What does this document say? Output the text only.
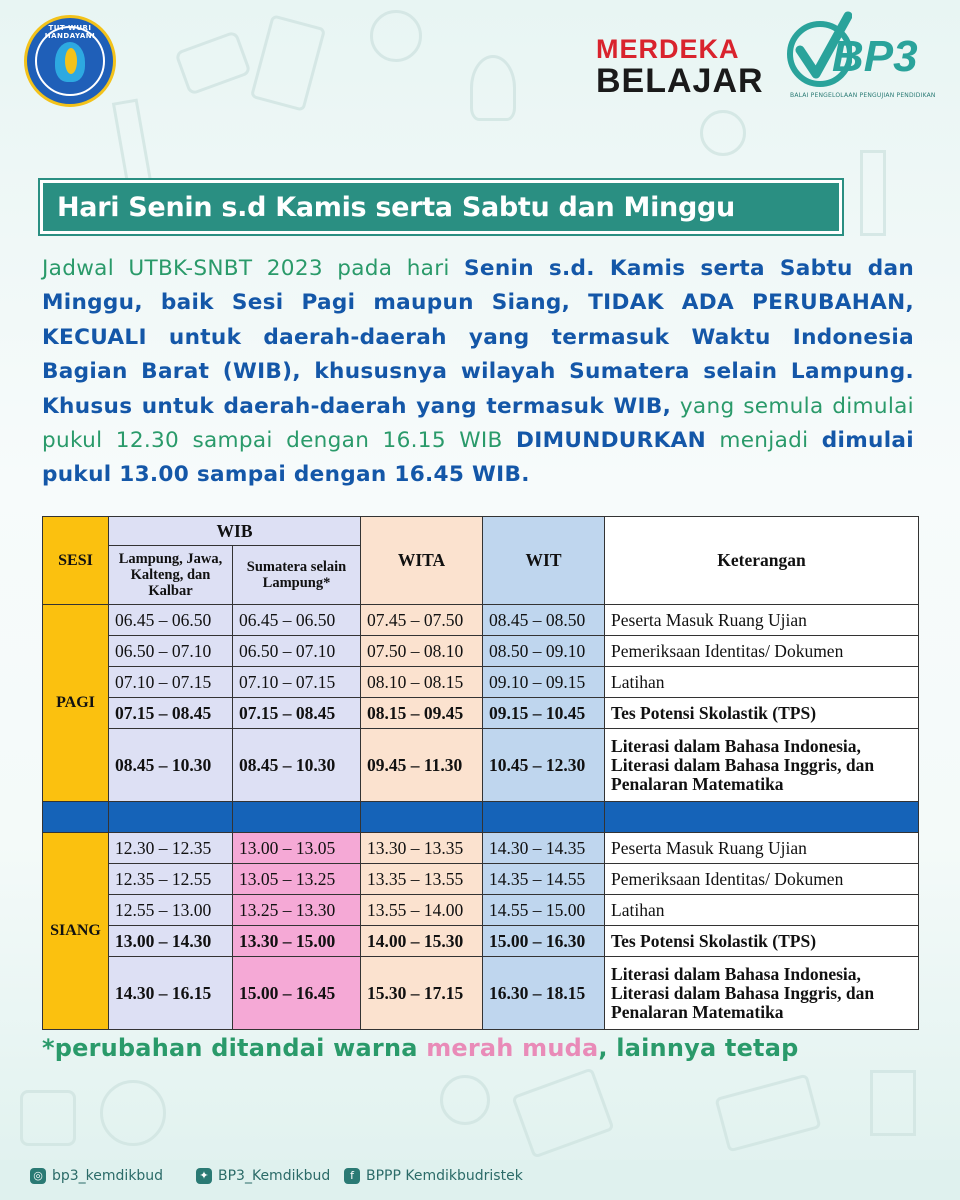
TUT WURI HANDAYANI	MERDEKA
BELAJAR BP3
BALAI PENGELOLAAN PENGUJIAN PENDIDIKAN
Hari Senin s.d Kamis serta Sabtu dan Minggu
Jadwal UTBK-SNBT 2023 pada hari Senin s.d. Kamis serta Sabtu dan Minggu, baik Sesi Pagi maupun Siang, TIDAK ADA PERUBAHAN, KECUALI untuk daerah-daerah yang termasuk Waktu Indonesia Bagian Barat (WIB), khususnya wilayah Sumatera selain Lampung. Khusus untuk daerah-daerah yang termasuk WIB, yang semula dimulai pukul 12.30 sampai dengan 16.15 WIB DIMUNDURKAN menjadi dimulai pukul 13.00 sampai dengan 16.45 WIB.
SESI	WIB		WITA	WIT	Keterangan
	Lampung, Jawa, Kalteng, dan Kalbar	Sumatera selain Lampung*			
PAGI	06.45 – 06.50	06.45 – 06.50	07.45 – 07.50	08.45 – 08.50	Peserta Masuk Ruang Ujian
	06.50 – 07.10	06.50 – 07.10	07.50 – 08.10	08.50 – 09.10	Pemeriksaan Identitas/ Dokumen
	07.10 – 07.15	07.10 – 07.15	08.10 – 08.15	09.10 – 09.15	Latihan
	07.15 – 08.45	07.15 – 08.45	08.15 – 09.45	09.15 – 10.45	Tes Potensi Skolastik (TPS)
	08.45 – 10.30	08.45 – 10.30	09.45 – 11.30	10.45 – 12.30	Literasi dalam Bahasa Indonesia, Literasi dalam Bahasa Inggris, dan Penalaran Matematika

SIANG	12.30 – 12.35	13.00 – 13.05	13.30 – 13.35	14.30 – 14.35	Peserta Masuk Ruang Ujian
	12.35 – 12.55	13.05 – 13.25	13.35 – 13.55	14.35 – 14.55	Pemeriksaan Identitas/ Dokumen
	12.55 – 13.00	13.25 – 13.30	13.55 – 14.00	14.55 – 15.00	Latihan
	13.00 – 14.30	13.30 – 15.00	14.00 – 15.30	15.00 – 16.30	Tes Potensi Skolastik (TPS)
	14.30 – 16.15	15.00 – 16.45	15.30 – 17.15	16.30 – 18.15	Literasi dalam Bahasa Indonesia, Literasi dalam Bahasa Inggris, dan Penalaran Matematika
*perubahan ditandai warna merah muda, lainnya tetap
◎ bp3_kemdikbud	✦ BP3_Kemdikbud	f BPPP Kemdikbudristek
